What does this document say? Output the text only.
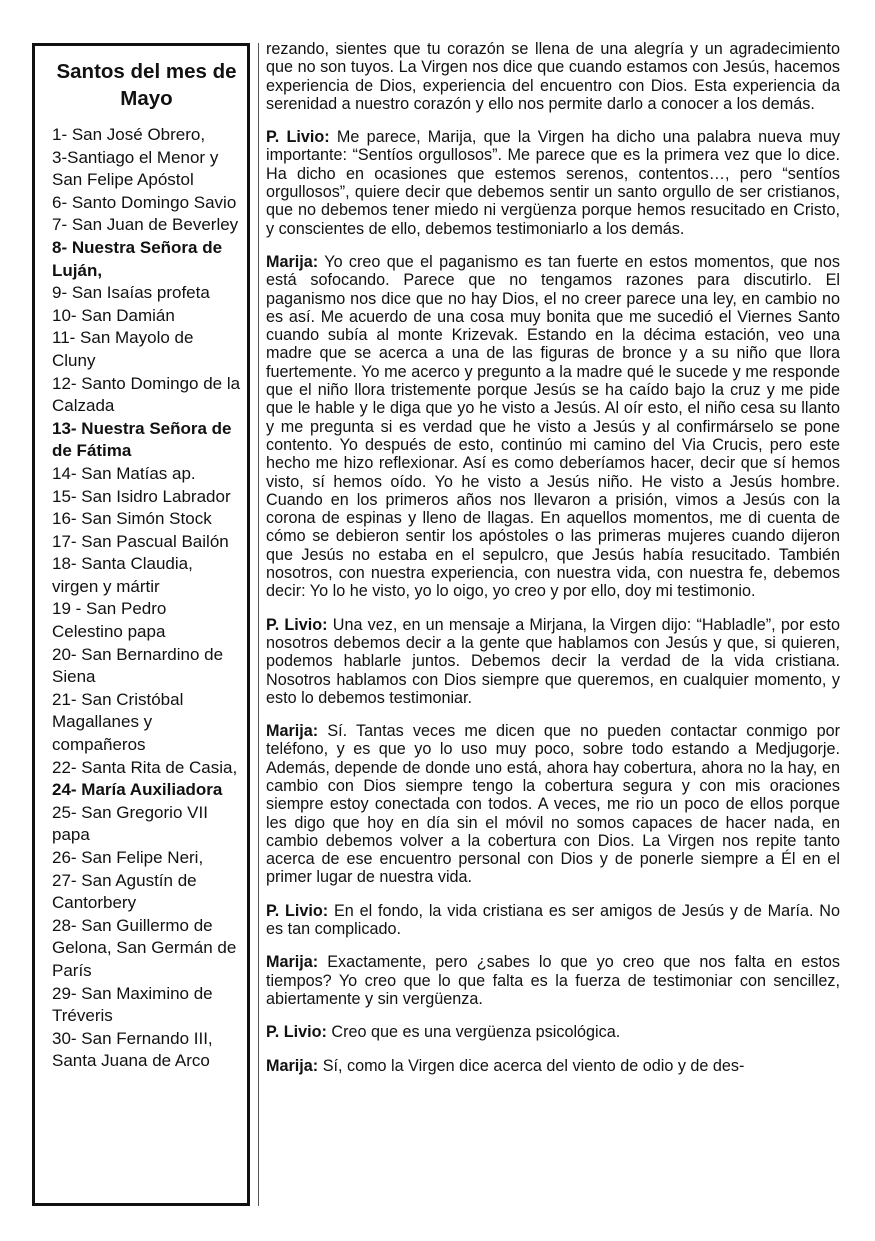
Santos del mes de Mayo
1- San José Obrero,
3-Santiago el Menor y San Felipe Apóstol
6- Santo Domingo Savio
7- San Juan de Beverley
8- Nuestra Señora de Luján,
9- San Isaías profeta
10- San Damián
11- San Mayolo de Cluny
12- Santo Domingo de la Calzada
13- Nuestra Señora de de Fátima
14- San Matías ap.
15- San Isidro Labrador
16- San Simón Stock
17- San Pascual Bailón
18- Santa Claudia, virgen y mártir
19 - San Pedro Celestino papa
20- San Bernardino de Siena
21- San Cristóbal Magallanes y compañeros
22- Santa Rita de Casia,
24- María Auxiliadora
25- San Gregorio VII papa
26- San Felipe Neri,
27- San Agustín de Cantorbery
28- San Guillermo de Gelona, San Germán de París
29- San Maximino de Tréveris
30- San Fernando III, Santa Juana de Arco

rezando, sientes que tu corazón se llena de una alegría y un agradecimiento que no son tuyos. La Virgen nos dice que cuando estamos con Jesús, hacemos experiencia de Dios, experiencia del encuentro con Dios. Esta experiencia da serenidad a nuestro corazón y ello nos permite darlo a conocer a los demás.

P. Livio: Me parece, Marija, que la Virgen ha dicho una palabra nueva muy importante: “Sentíos orgullosos”. Me parece que es la primera vez que lo dice. Ha dicho en ocasiones que estemos serenos, contentos…, pero “sentíos orgullosos”, quiere decir que debemos sentir un santo orgullo de ser cristianos, que no debemos tener miedo ni vergüenza porque hemos resucitado en Cristo, y conscientes de ello, debemos testimoniarlo a los demás.

Marija: Yo creo que el paganismo es tan fuerte en estos momentos, que nos está sofocando. Parece que no tengamos razones para discutirlo. El paganismo nos dice que no hay Dios, el no creer parece una ley, en cambio no es así. Me acuerdo de una cosa muy bonita que me sucedió el Viernes Santo cuando subía al monte Krizevak. Estando en la décima estación, veo una madre que se acerca a una de las figuras de bronce y a su niño que llora fuertemente. Yo me acerco y pregunto a la madre qué le sucede y me responde que el niño llora tristemente porque Jesús se ha caído bajo la cruz y me pide que le hable y le diga que yo he visto a Jesús. Al oír esto, el niño cesa su llanto y me pregunta si es verdad que he visto a Jesús y al confirmárselo se pone contento. Yo después de esto, continúo mi camino del Via Crucis, pero este hecho me hizo reflexionar. Así es como deberíamos hacer, decir que sí hemos visto, sí hemos oído. Yo he visto a Jesús niño. He visto a Jesús hombre. Cuando en los primeros años nos llevaron a prisión, vimos a Jesús con la corona de espinas y lleno de llagas. En aquellos momentos, me di cuenta de cómo se debieron sentir los apóstoles o las primeras mujeres cuando dijeron que Jesús no estaba en el sepulcro, que Jesús había resucitado. También nosotros, con nuestra experiencia, con nuestra vida, con nuestra fe, debemos decir: Yo lo he visto, yo lo oigo, yo creo y por ello, doy mi testimonio.

P. Livio: Una vez, en un mensaje a Mirjana, la Virgen dijo: “Habladle”, por esto nosotros debemos decir a la gente que hablamos con Jesús y que, si quieren, podemos hablarle juntos. Debemos decir la verdad de la vida cristiana. Nosotros hablamos con Dios siempre que queremos, en cualquier momento, y esto lo debemos testimoniar.

Marija: Sí. Tantas veces me dicen que no pueden contactar conmigo por teléfono, y es que yo lo uso muy poco, sobre todo estando a Medjugorje. Además, depende de donde uno está, ahora hay cobertura, ahora no la hay, en cambio con Dios siempre tengo la cobertura segura y con mis oraciones siempre estoy conectada con todos. A veces, me rio un poco de ellos porque les digo que hoy en día sin el móvil no somos capaces de hacer nada, en cambio debemos volver a la cobertura con Dios. La Virgen nos repite tanto acerca de ese encuentro personal con Dios y de ponerle siempre a Él en el primer lugar de nuestra vida.

P. Livio: En el fondo, la vida cristiana es ser amigos de Jesús y de María. No es tan complicado.

Marija: Exactamente, pero ¿sabes lo que yo creo que nos falta en estos tiempos? Yo creo que lo que falta es la fuerza de testimoniar con sencillez, abiertamente y sin vergüenza.

P. Livio: Creo que es una vergüenza psicológica.

Marija: Sí, como la Virgen dice acerca del viento de odio y de des-
